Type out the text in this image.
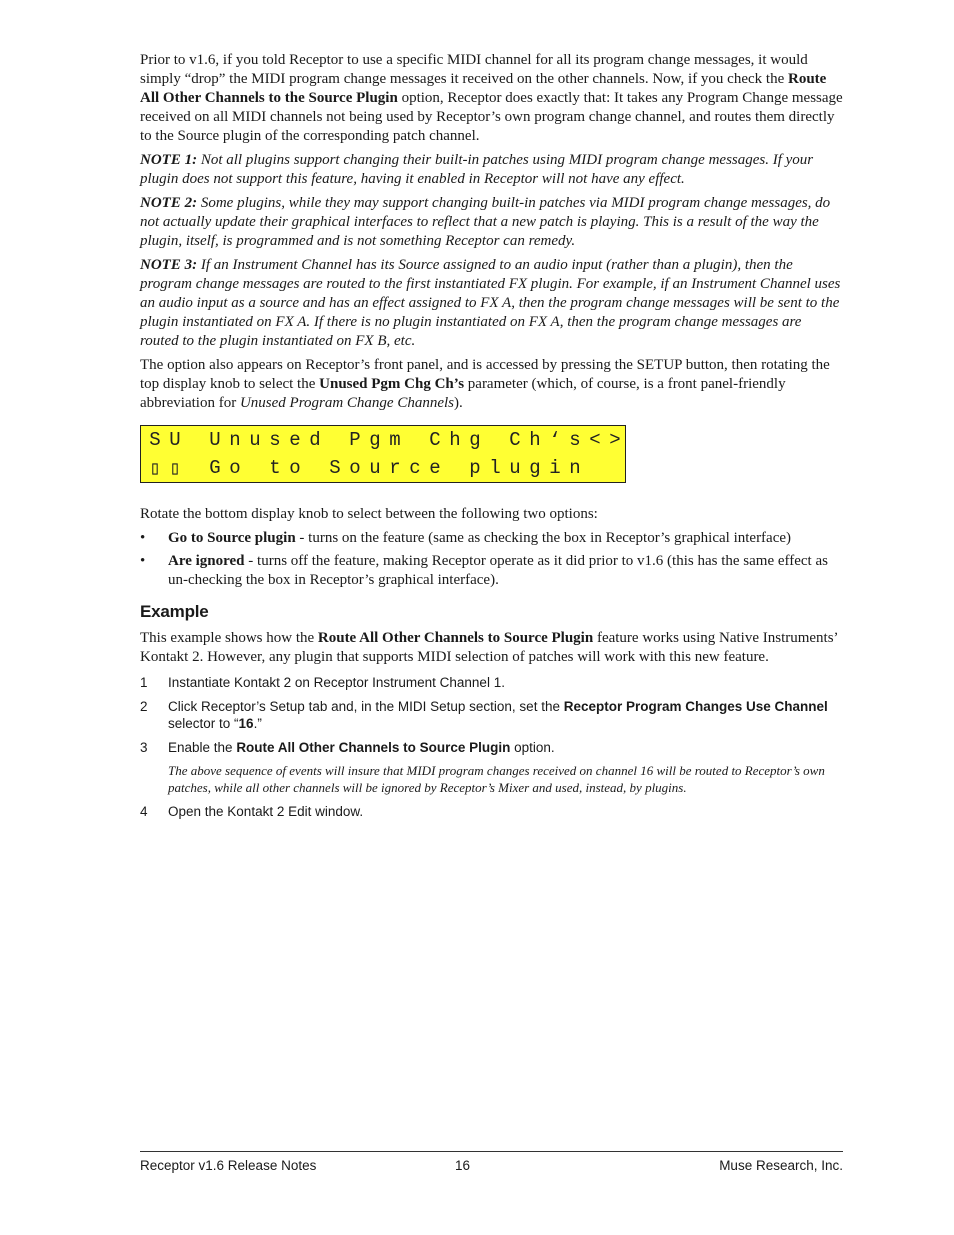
Prior to v1.6, if you told Receptor to use a specific MIDI channel for all its program change messages, it would simply “drop” the MIDI program change messages it received on the other channels. Now, if you check the Route All Other Channels to the Source Plugin option, Receptor does exactly that: It takes any Program Change message received on all MIDI channels not being used by Receptor’s own program change channel, and routes them directly to the Source plugin of the corresponding patch channel.

NOTE 1: Not all plugins support changing their built-in patches using MIDI program change messages. If your plugin does not support this feature, having it enabled in Receptor will not have any effect.

NOTE 2: Some plugins, while they may support changing built-in patches via MIDI program change messages, do not actually update their graphical interfaces to reflect that a new patch is playing. This is a result of the way the plugin, itself, is programmed and is not something Receptor can remedy.

NOTE 3: If an Instrument Channel has its Source assigned to an audio input (rather than a plugin), then the program change messages are routed to the first instantiated FX plugin. For example, if an Instrument Channel uses an audio input as a source and has an effect assigned to FX A, then the program change messages will be sent to the plugin instantiated on FX A. If there is no plugin instantiated on FX A, then the program change messages are routed to the plugin instantiated on FX B, etc.

The option also appears on Receptor’s front panel, and is accessed by pressing the SETUP button, then rotating the top display knob to select the Unused Pgm Chg Ch’s parameter (which, of course, is a front panel-friendly abbreviation for Unused Program Change Channels).

S U U n u s e d P g m C h g C h ‘ s < >
▯ ▯ G o t o S o u r c e p l u g i n

Rotate the bottom display knob to select between the following two options:

• Go to Source plugin - turns on the feature (same as checking the box in Receptor’s graphical interface)
• Are ignored - turns off the feature, making Receptor operate as it did prior to v1.6 (this has the same effect as un-checking the box in Receptor’s graphical interface).
Example

This example shows how the Route All Other Channels to Source Plugin feature works using Native Instruments’ Kontakt 2. However, any plugin that supports MIDI selection of patches will work with this new feature.

1 Instantiate Kontakt 2 on Receptor Instrument Channel 1.
2 Click Receptor’s Setup tab and, in the MIDI Setup section, set the Receptor Program Changes Use Channel selector to “16.”
3 Enable the Route All Other Channels to Source Plugin option.
The above sequence of events will insure that MIDI program changes received on channel 16 will be routed to Receptor’s own patches, while all other channels will be ignored by Receptor’s Mixer and used, instead, by plugins.
4 Open the Kontakt 2 Edit window.
Receptor v1.6 Release Notes	16	Muse Research, Inc.
